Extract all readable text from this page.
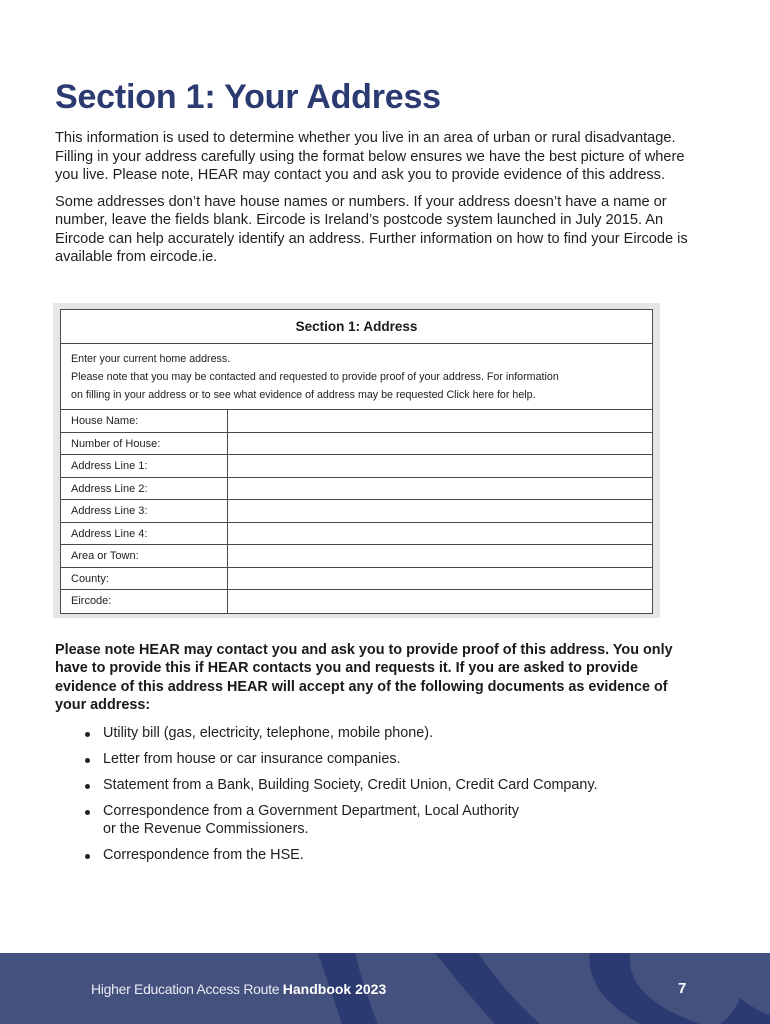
Section 1: Your Address

This information is used to determine whether you live in an area of urban or rural disadvantage. Filling in your address carefully using the format below ensures we have the best picture of where you live. Please note, HEAR may contact you and ask you to provide evidence of this address.

Some addresses don’t have house names or numbers. If your address doesn’t have a name or number, leave the fields blank. Eircode is Ireland’s postcode system launched in July 2015. An Eircode can help accurately identify an address. Further information on how to find your Eircode is available from eircode.ie.

Section 1: Address
Enter your current home address.
Please note that you may be contacted and requested to provide proof of your address. For information
on filling in your address or to see what evidence of address may be requested Click here for help.
House Name:
Number of House:
Address Line 1:
Address Line 2:
Address Line 3:
Address Line 4:
Area or Town:
County:
Eircode:

Please note HEAR may contact you and ask you to provide proof of this address. You only have to provide this if HEAR contacts you and requests it. If you are asked to provide evidence of this address HEAR will accept any of the following documents as evidence of your address:

Utility bill (gas, electricity, telephone, mobile phone).
Letter from house or car insurance companies.
Statement from a Bank, Building Society, Credit Union, Credit Card Company.
Correspondence from a Government Department, Local Authority
or the Revenue Commissioners.
Correspondence from the HSE.
Higher Education Access Route Handbook 2023	7
